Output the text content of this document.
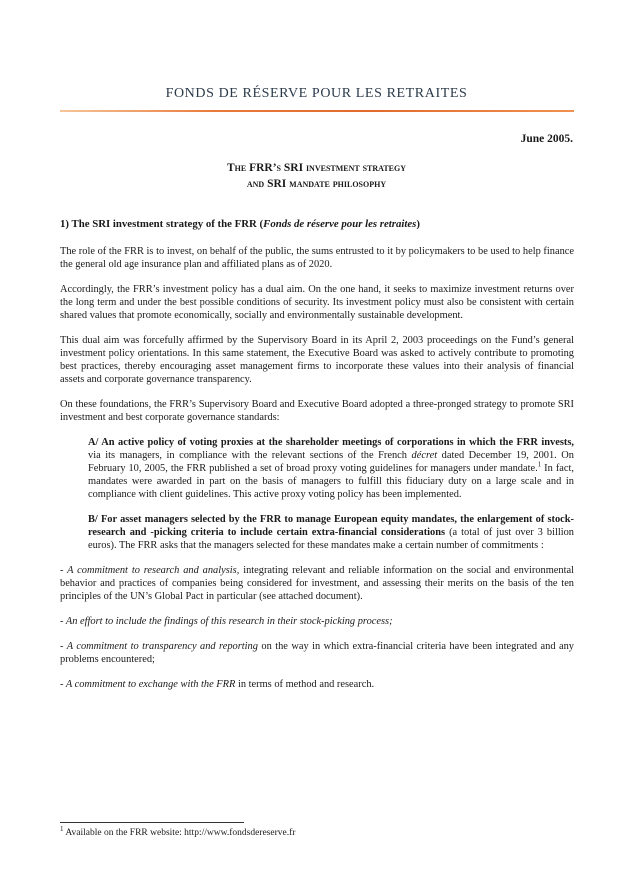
FONDS DE RÉSERVE POUR LES RETRAITES
June 2005.
The FRR’s SRI investment strategy
and SRI mandate philosophy

1) The SRI investment strategy of the FRR (Fonds de réserve pour les retraites)

The role of the FRR is to invest, on behalf of the public, the sums entrusted to it by policymakers to be used to help finance the general old age insurance plan and affiliated plans as of 2020.

Accordingly, the FRR’s investment policy has a dual aim. On the one hand, it seeks to maximize investment returns over the long term and under the best possible conditions of security. Its investment policy must also be consistent with certain shared values that promote economically, socially and environmentally sustainable development.

This dual aim was forcefully affirmed by the Supervisory Board in its April 2, 2003 proceedings on the Fund’s general investment policy orientations. In this same statement, the Executive Board was asked to actively contribute to promoting best practices, thereby encouraging asset management firms to incorporate these values into their analysis of financial assets and corporate governance transparency.

On these foundations, the FRR’s Supervisory Board and Executive Board adopted a three-pronged strategy to promote SRI investment and best corporate governance standards:

A/ An active policy of voting proxies at the shareholder meetings of corporations in which the FRR invests, via its managers, in compliance with the relevant sections of the French décret dated December 19, 2001. On February 10, 2005, the FRR published a set of broad proxy voting guidelines for managers under mandate.$^1$ In fact, mandates were awarded in part on the basis of managers to fulfill this fiduciary duty on a large scale and in compliance with client guidelines. This active proxy voting policy has been implemented.

B/ For asset managers selected by the FRR to manage European equity mandates, the enlargement of stock-research and -picking criteria to include certain extra-financial considerations (a total of just over 3 billion euros). The FRR asks that the managers selected for these mandates make a certain number of commitments :

- A commitment to research and analysis, integrating relevant and reliable information on the social and environmental behavior and practices of companies being considered for investment, and assessing their merits on the basis of the ten principles of the UN’s Global Pact in particular (see attached document).

- An effort to include the findings of this research in their stock-picking process;

- A commitment to transparency and reporting on the way in which extra-financial criteria have been integrated and any problems encountered;

- A commitment to exchange with the FRR in terms of method and research.

$^1$ Available on the FRR website: http://www.fondsdereserve.fr
